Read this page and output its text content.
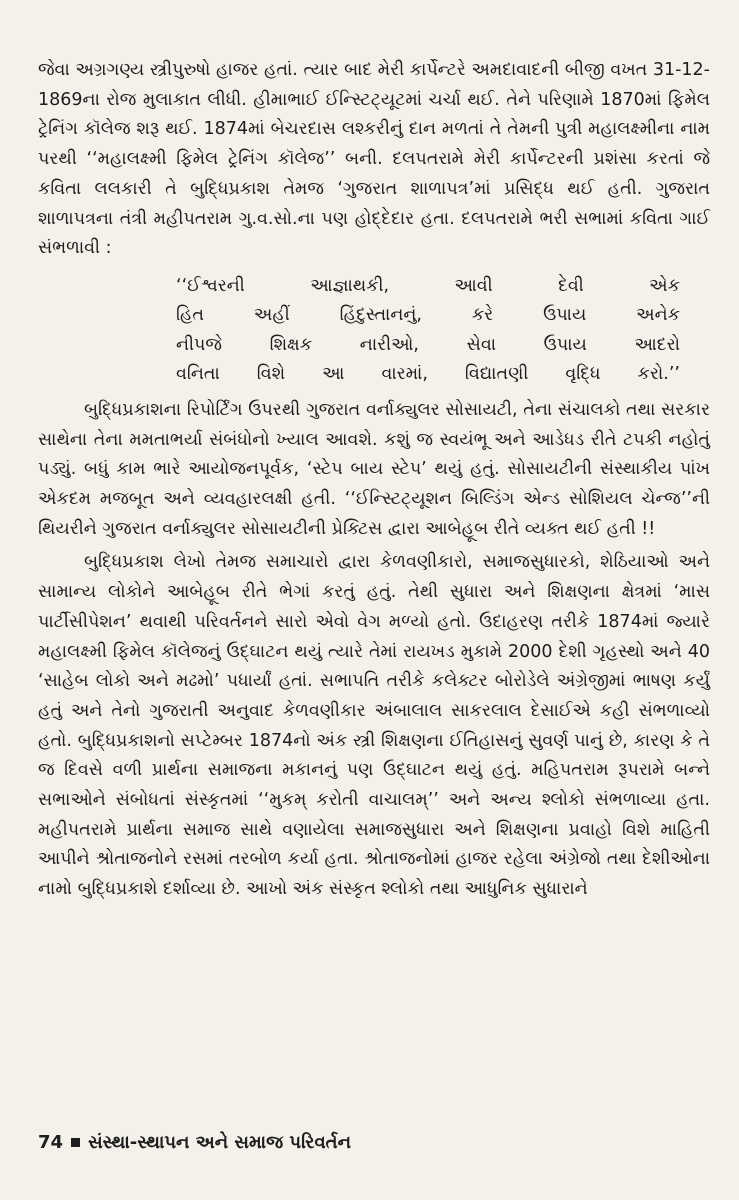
જેવા અગ્રગણ્ય સ્ત્રીપુરુષો હાજર હતાં. ત્યાર બાદ મેરી કાર્પેન્ટરે અમદાવાદની બીજી વખત 31-12-1869ના રોજ મુલાકાત લીધી. હીમાભાઈ ઈન્સ્ટિટ્યૂટમાં ચર્ચા થઈ. તેને પરિણામે 1870માં ફિમેલ ટ્રેનિંગ કૉલેજ શરૂ થઈ. 1874માં બેચરદાસ લશ્કરીનું દાન મળતાં તે તેમની પુત્રી મહાલક્ષ્મીના નામ પરથી ‘‘મહાલક્ષ્મી ફિમેલ ટ્રેનિંગ કૉલેજ’’ બની. દલપતરામે મેરી કાર્પેન્ટરની પ્રશંસા કરતાં જે કવિતા લલકારી તે બુદ્ધિપ્રકાશ તેમજ ‘ગુજરાત શાળાપત્ર’માં પ્રસિદ્ધ થઈ હતી. ગુજરાત શાળાપત્રના તંત્રી મહીપતરામ ગુ.વ.સો.ના પણ હોદ્દેદાર હતા. દલપતરામે ભરી સભામાં કવિતા ગાઈ સંભળાવી :

‘‘ઈશ્વરની આજ્ઞાથકી, આવી દેવી એક
હિત અહીં હિંદુસ્તાનનું, કરે ઉપાય અનેક
નીપજે શિક્ષક નારીઓ, સેવા ઉપાય આદરો
વનિતા વિશે આ વારમાં, વિદ્યાતણી વૃદ્ધિ કરો.’’

બુદ્ધિપ્રકાશના રિપોર્ટિંગ ઉપરથી ગુજરાત વર્નાક્યુલર સોસાયટી, તેના સંચાલકો તથા સરકાર સાથેના તેના મમતાભર્યા સંબંધોનો ખ્યાલ આવશે. કશું જ સ્વયંભૂ અને આડેધડ રીતે ટપકી નહોતું પડ્યું. બધું કામ ભારે આયોજનપૂર્વક, ‘સ્ટેપ બાય સ્ટેપ’ થયું હતું. સોસાયટીની સંસ્થાકીય પાંખ એકદમ મજબૂત અને વ્યવહારલક્ષી હતી. ‘‘ઈન્સ્ટિટ્યૂશન બિલ્ડિંગ એન્ડ સોશિયલ ચેન્જ’’ની થિયરીને ગુજરાત વર્નાક્યુલર સોસાયટીની પ્રેક્ટિસ દ્વારા આબેહૂબ રીતે વ્યક્ત થઈ હતી !!

બુદ્ધિપ્રકાશ લેખો તેમજ સમાચારો દ્વારા કેળવણીકારો, સમાજસુધારકો, શેઠિયાઓ અને સામાન્ય લોકોને આબેહૂબ રીતે ભેગાં કરતું હતું. તેથી સુધારા અને શિક્ષણના ક્ષેત્રમાં ‘માસ પાર્ટીસીપેશન’ થવાથી પરિવર્તનને સારો એવો વેગ મળ્યો હતો. ઉદાહરણ તરીકે 1874માં જ્યારે મહાલક્ષ્મી ફિમેલ કૉલેજનું ઉદ્‌ઘાટન થયું ત્યારે તેમાં રાયખડ મુકામે 2000 દેશી ગૃહસ્થો અને 40 ‘સાહેબ લોકો અને મઢમો’ પધાર્યાં હતાં. સભાપતિ તરીકે કલેક્ટર બોરોડેલે અંગ્રેજીમાં ભાષણ કર્યું હતું અને તેનો ગુજરાતી અનુવાદ કેળવણીકાર અંબાલાલ સાકરલાલ દેસાઈએ કહી સંભળાવ્યો હતો. બુદ્ધિપ્રકાશનો સપ્ટેમ્બર 1874નો અંક સ્ત્રી શિક્ષણના ઈતિહાસનું સુવર્ણ પાનું છે, કારણ કે તે જ દિવસે વળી પ્રાર્થના સમાજના મકાનનું પણ ઉદ્‌ઘાટન થયું હતું. મહિપતરામ રૂપરામે બન્ને સભાઓને સંબોધતાં સંસ્કૃતમાં ‘‘મુકમ્ કરોતી વાચાલમ્’’ અને અન્ય શ્લોકો સંભળાવ્યા હતા. મહીપતરામે પ્રાર્થના સમાજ સાથે વણાયેલા સમાજસુધારા અને શિક્ષણના પ્રવાહો વિશે માહિતી આપીને શ્રોતાજનોને રસમાં તરબોળ કર્યા હતા. શ્રોતાજનોમાં હાજર રહેલા અંગ્રેજો તથા દેશીઓના નામો બુદ્ધિપ્રકાશે દર્શાવ્યા છે. આખો અંક સંસ્કૃત શ્લોકો તથા આધુનિક સુધારાને

74 સંસ્થા-સ્થાપન અને સમાજ પરિવર્તન
